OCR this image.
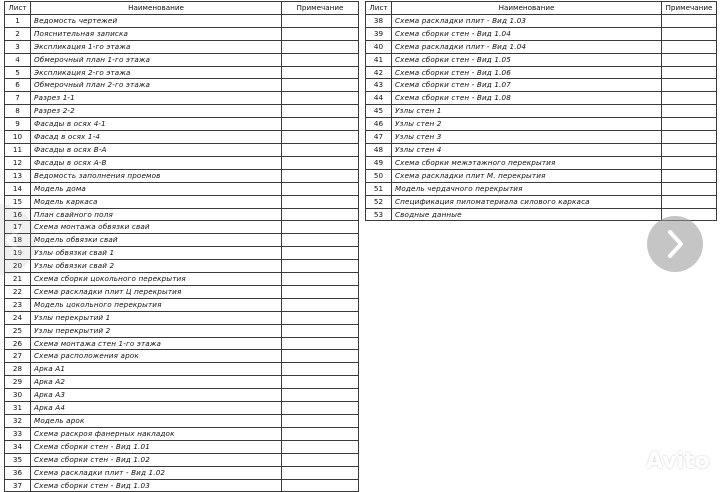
Лист	Наименование	Примечание
1	Ведомость чертежей	
2	Пояснительная записка	
3	Экспликация 1-го этажа	
4	Обмерочный план 1-го этажа	
5	Экспликация 2-го этажа	
6	Обмерочный план 2-го этажа	
7	Разрез 1-1	
8	Разрез 2-2	
9	Фасады в осях 4-1	
10	Фасад в осях 1-4	
11	Фасады в осях В-А	
12	Фасады в осях А-В	
13	Ведомость заполнения проемов	
14	Модель дома	
15	Модель каркаса	
16	План свайного поля	
17	Схема монтажа обвязки свай	
18	Модель обвязки свай	
19	Узлы обвязки свай 1	
20	Узлы обвязки свай 2	
21	Схема сборки цокольного перекрытия	
22	Схема раскладки плит Ц перекрытия	
23	Модель цокольного перекрытия	
24	Узлы перекрытий 1	
25	Узлы перекрытий 2	
26	Схема монтажа стен 1-го этажа	
27	Схема расположения арок	
28	Арка А1	
29	Арка А2	
30	Арка А3	
31	Арка А4	
32	Модель арок	
33	Схема раскроя фанерных накладок	
34	Схема сборки стен - Вид 1.01	
35	Схема сборки стен - Вид 1.02	
36	Схема раскладки плит - Вид 1.02	
37	Схема сборки стен - Вид 1.03	
Лист	Наименование	Примечание
38	Схема раскладки плит - Вид 1.03	
39	Схема сборки стен - Вид 1.04	
40	Схема раскладки плит - Вид 1.04	
41	Схема сборки стен - Вид 1.05	
42	Схема сборки стен - Вид 1.06	
43	Схема сборки стен - Вид 1.07	
44	Схема сборки стен - Вид 1.08	
45	Узлы стен 1	
46	Узлы стен 2	
47	Узлы стен 3	
48	Узлы стен 4	
49	Схема сборки межэтажного перекрытия	
50	Схема раскладки плит М. перекрытия	
51	Модель чердачного перекрытия	
52	Спецификация пиломатериала силового каркаса	
53	Сводные данные	
Avito
